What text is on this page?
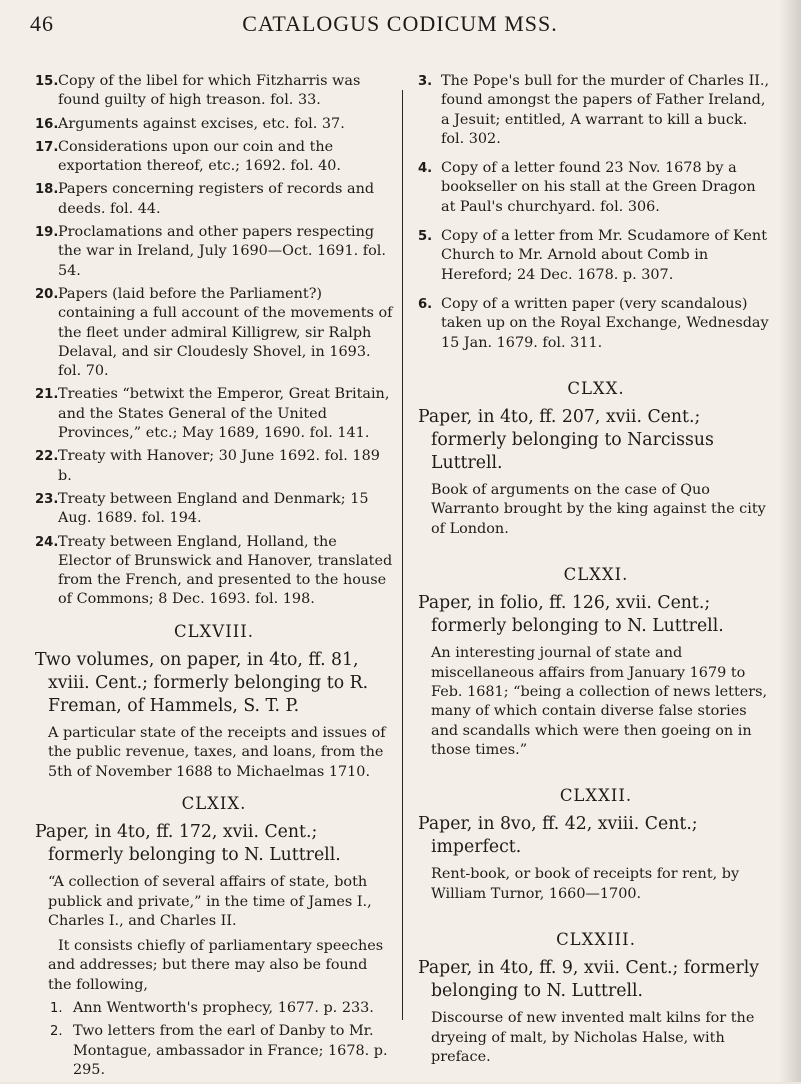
46	CATALOGUS CODICUM MSS.
15. Copy of the libel for which Fitzharris was found guilty of high treason. fol. 33.
16. Arguments against excises, etc. fol. 37.
17. Considerations upon our coin and the exportation thereof, etc.; 1692. fol. 40.
18. Papers concerning registers of records and deeds. fol. 44.
19. Proclamations and other papers respecting the war in Ireland, July 1690—Oct. 1691. fol. 54.
20. Papers (laid before the Parliament?) containing a full account of the movements of the fleet under admiral Killigrew, sir Ralph Delaval, and sir Cloudesly Shovel, in 1693. fol. 70.
21. Treaties “betwixt the Emperor, Great Britain, and the States General of the United Provinces,” etc.; May 1689, 1690. fol. 141.
22. Treaty with Hanover; 30 June 1692. fol. 189 b.
23. Treaty between England and Denmark; 15 Aug. 1689. fol. 194.
24. Treaty between England, Holland, the Elector of Brunswick and Hanover, translated from the French, and presented to the house of Commons; 8 Dec. 1693. fol. 198.
CLXVIII.
Two volumes, on paper, in 4to, ff. 81, xviii. Cent.; formerly belonging to R. Freman, of Hammels, S. T. P.
A particular state of the receipts and issues of the public revenue, taxes, and loans, from the 5th of November 1688 to Michaelmas 1710.
CLXIX.
Paper, in 4to, ff. 172, xvii. Cent.; formerly belonging to N. Luttrell.
“A collection of several affairs of state, both publick and private,” in the time of James I., Charles I., and Charles II.
It consists chiefly of parliamentary speeches and addresses; but there may also be found the following,
1. Ann Wentworth's prophecy, 1677. p. 233.
2. Two letters from the earl of Danby to Mr. Montague, ambassador in France; 1678. p. 295.
3. The Pope's bull for the murder of Charles II., found amongst the papers of Father Ireland, a Jesuit; entitled, A warrant to kill a buck. fol. 302.
4. Copy of a letter found 23 Nov. 1678 by a bookseller on his stall at the Green Dragon at Paul's churchyard. fol. 306.
5. Copy of a letter from Mr. Scudamore of Kent Church to Mr. Arnold about Comb in Hereford; 24 Dec. 1678. p. 307.
6. Copy of a written paper (very scandalous) taken up on the Royal Exchange, Wednesday 15 Jan. 1679. fol. 311.
CLXX.
Paper, in 4to, ff. 207, xvii. Cent.; formerly belonging to Narcissus Luttrell.
Book of arguments on the case of Quo Warranto brought by the king against the city of London.
CLXXI.
Paper, in folio, ff. 126, xvii. Cent.; formerly belonging to N. Luttrell.
An interesting journal of state and miscellaneous affairs from January 1679 to Feb. 1681; “being a collection of news letters, many of which contain diverse false stories and scandalls which were then goeing on in those times.”
CLXXII.
Paper, in 8vo, ff. 42, xviii. Cent.; imperfect.
Rent-book, or book of receipts for rent, by William Turnor, 1660—1700.
CLXXIII.
Paper, in 4to, ff. 9, xvii. Cent.; formerly belonging to N. Luttrell.
Discourse of new invented malt kilns for the dryeing of malt, by Nicholas Halse, with preface.
